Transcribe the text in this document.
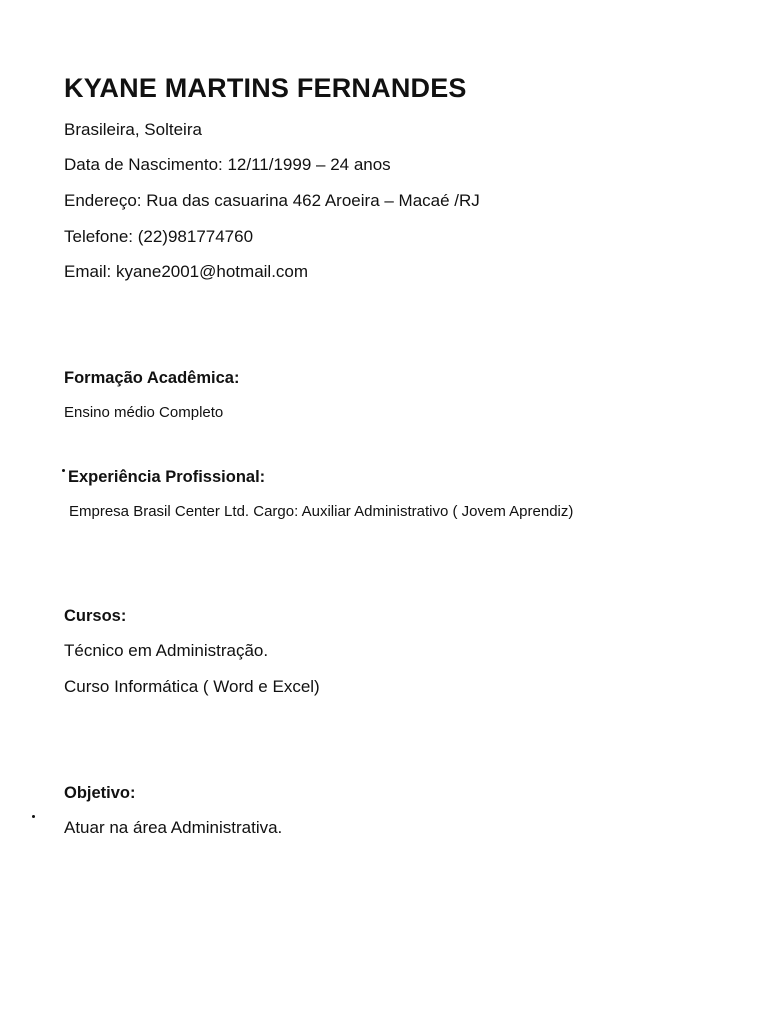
KYANE MARTINS FERNANDES
Brasileira, Solteira
Data de Nascimento: 12/11/1999 – 24 anos
Endereço: Rua das casuarina 462 Aroeira – Macaé /RJ
Telefone: (22)981774760
Email: kyane2001@hotmail.com
Formação Acadêmica:
Ensino médio Completo
Experiência Profissional:
Empresa Brasil Center Ltd. Cargo: Auxiliar Administrativo ( Jovem Aprendiz)
Cursos:
Técnico em Administração.
Curso Informática ( Word e Excel)
Objetivo:
Atuar na área Administrativa.
